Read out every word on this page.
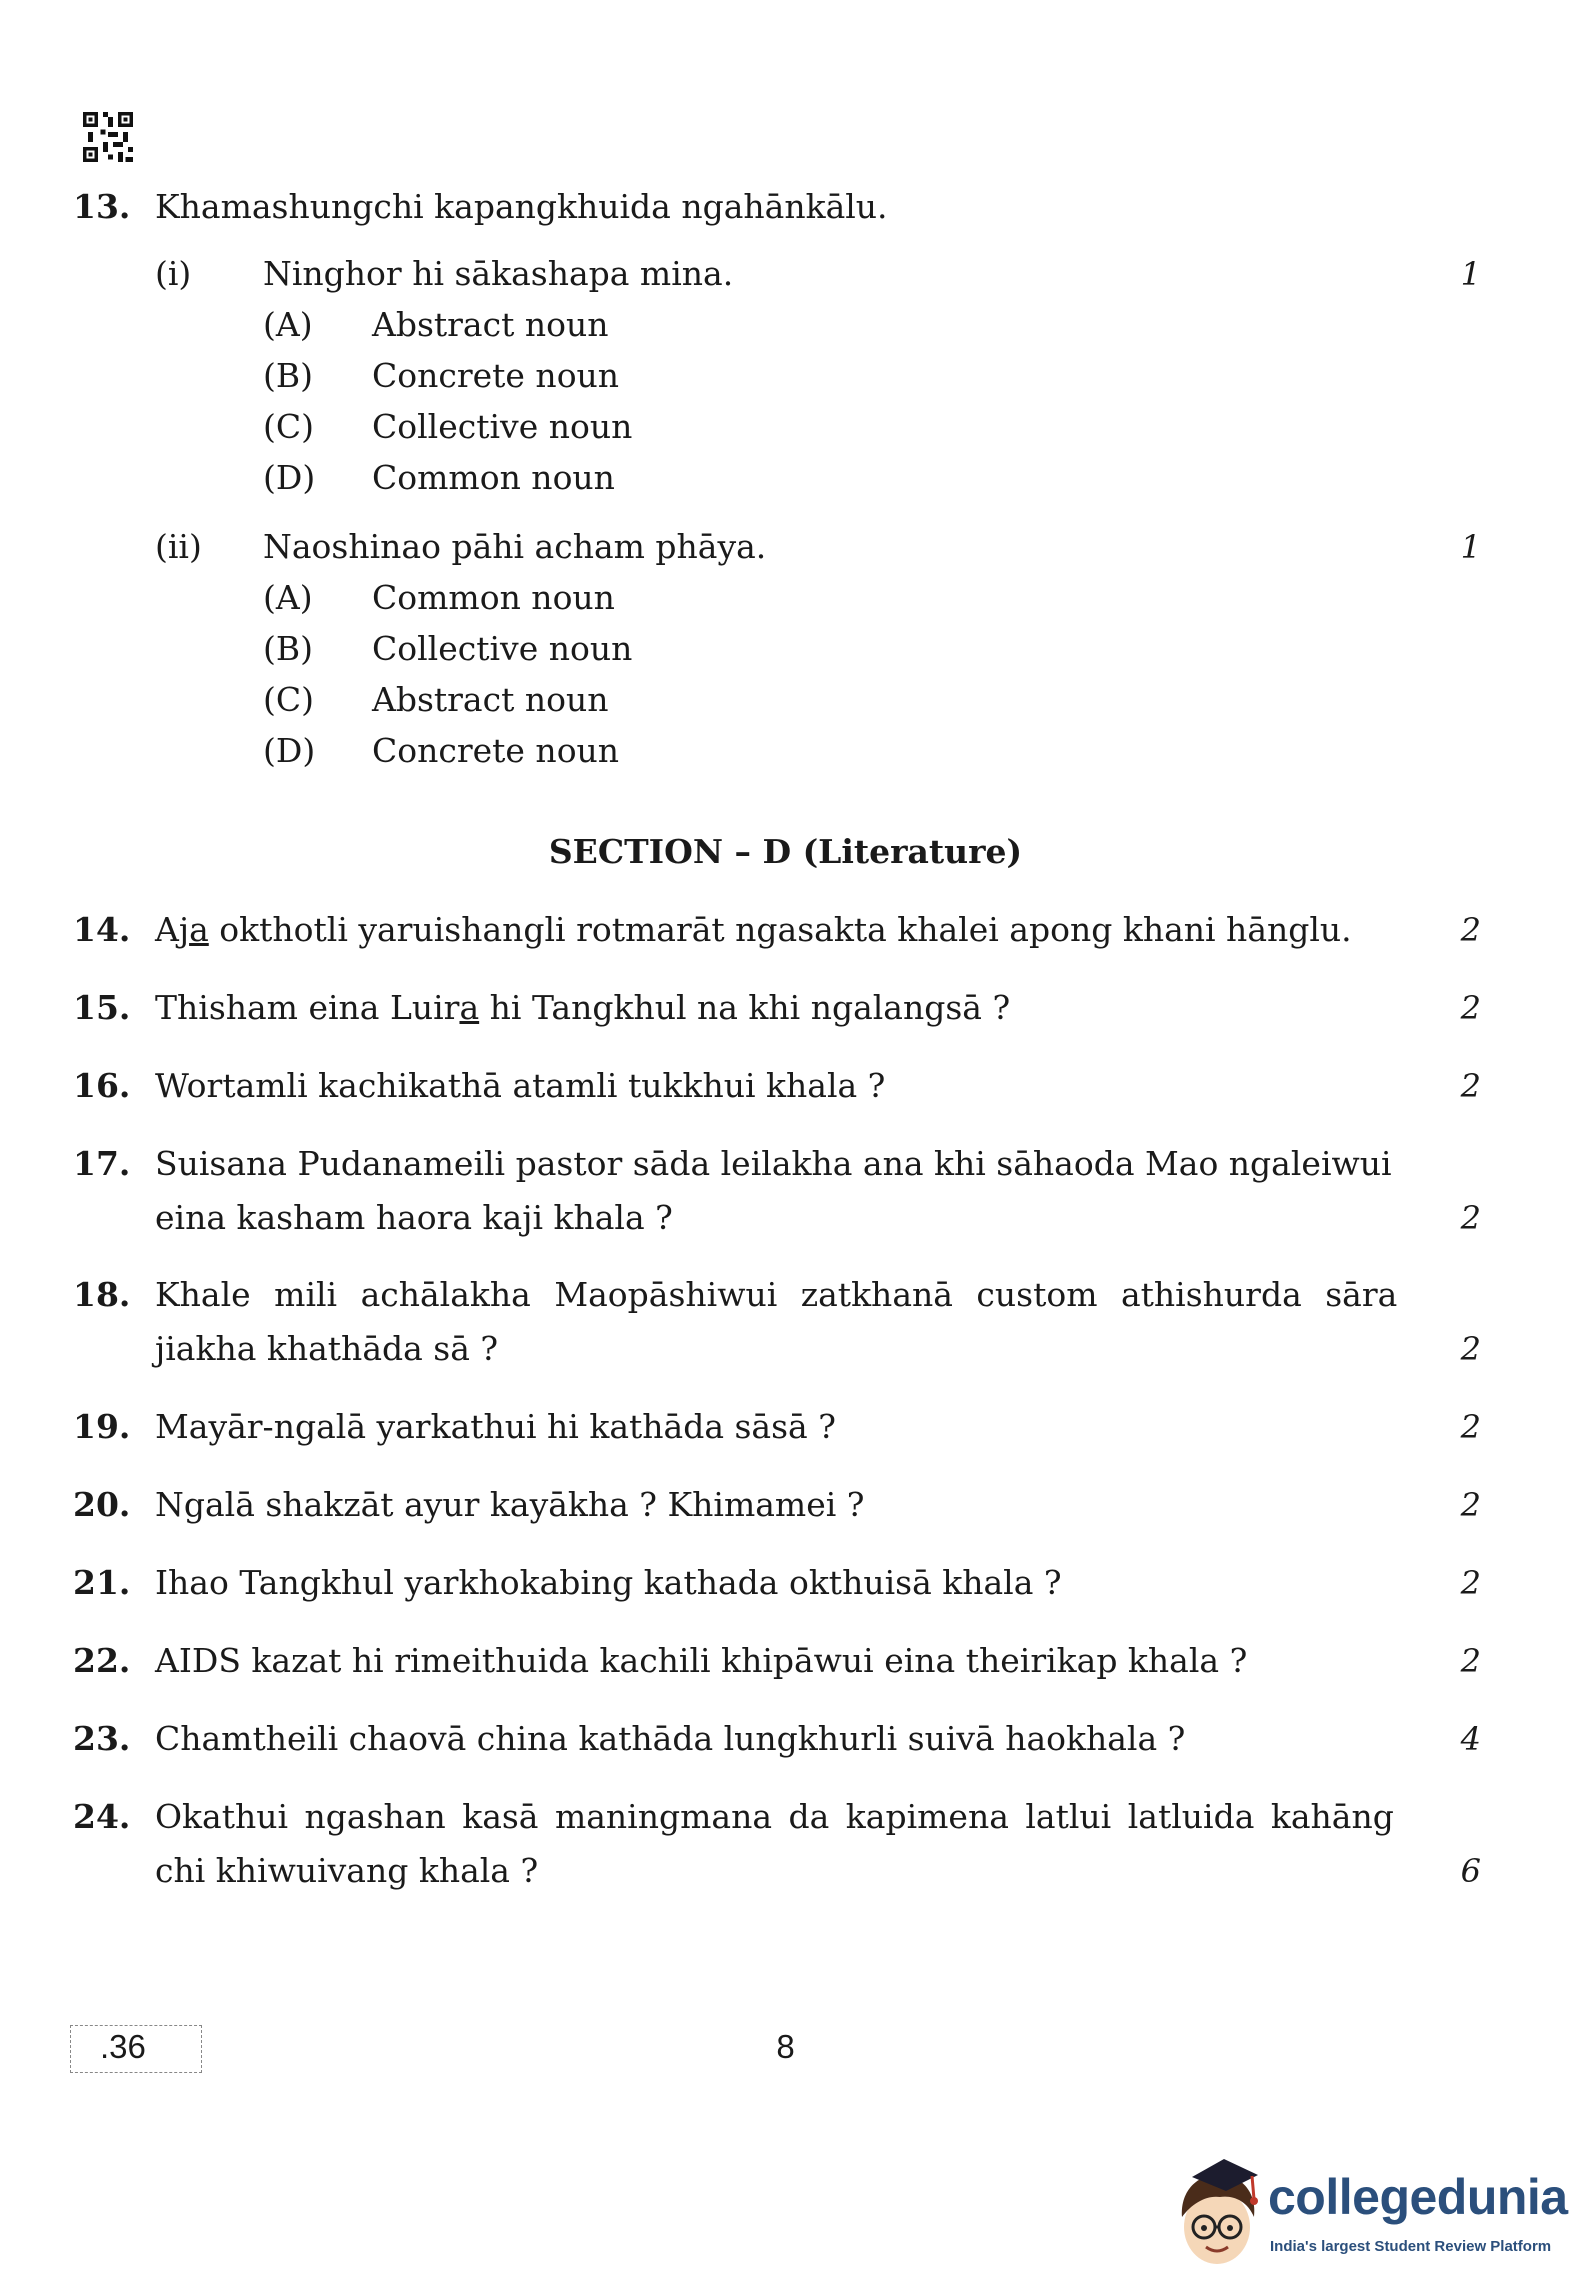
13. Khamashungchi kapangkhuida ngahānkālu.
(i) Ninghor hi sākashapa mina.	1
(A) Abstract noun
(B) Concrete noun
(C) Collective noun
(D) Common noun
(ii) Naoshinao pāhi acham phāya.	1
(A) Common noun
(B) Collective noun
(C) Abstract noun
(D) Concrete noun
SECTION – D (Literature)
14. Aja okthotli yaruishangli rotmarāt ngasakta khalei apong khani hānglu.	2
15. Thisham eina Luira hi Tangkhul na khi ngalangsā ?	2
16. Wortamli kachikathā atamli tukkhui khala ?	2
17. Suisana Pudanameili pastor sāda leilakha ana khi sāhaoda Mao ngaleiwui
eina kasham haora kaji khala ?	2
18. Khale mili achālakha Maopāshiwui zatkhanā custom athishurda sāra
jiakha khathāda sā ?	2
19. Mayār-ngalā yarkathui hi kathāda sāsā ?	2
20. Ngalā shakzāt ayur kayākha ? Khimamei ?	2
21. Ihao Tangkhul yarkhokabing kathada okthuisā khala ?	2
22. AIDS kazat hi rimeithuida kachili khipāwui eina theirikap khala ?	2
23. Chamtheili chaovā china kathāda lungkhurli suivā haokhala ?	4
24. Okathui ngashan kasā maningmana da kapimena latlui latluida kahāng
chi khiwuivang khala ?	6
.36	8
collegedunia
India's largest Student Review Platform
